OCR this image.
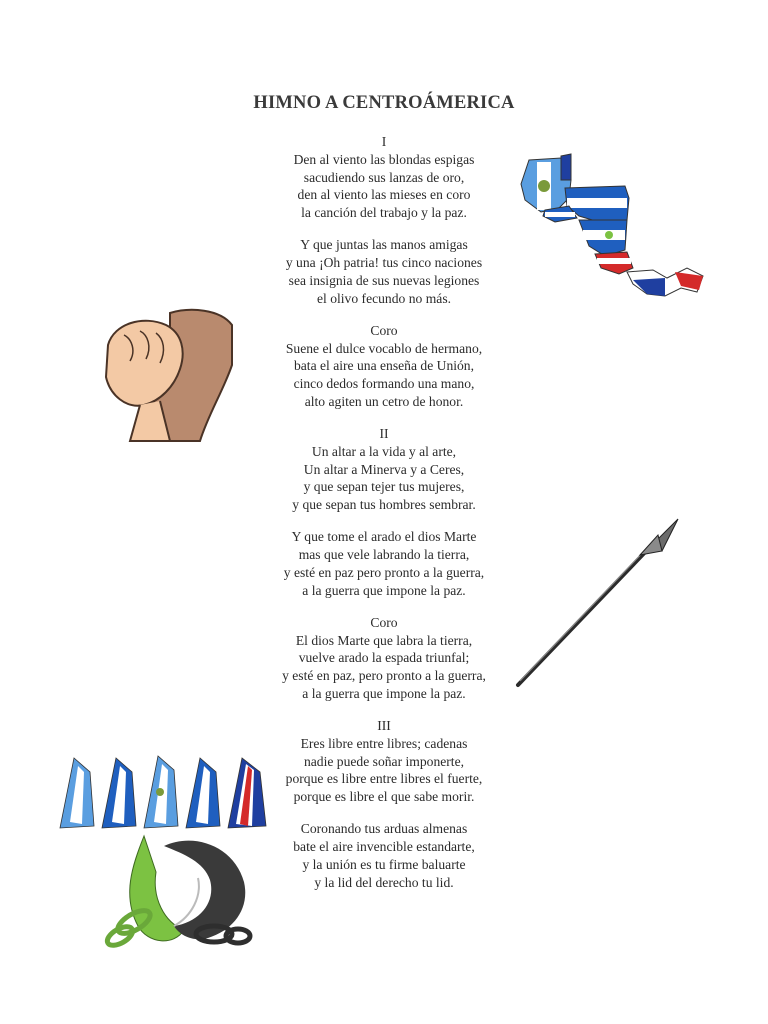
HIMNO A CENTROÁMERICA
I
Den al viento las blondas espigas
sacudiendo sus lanzas de oro,
den al viento las mieses en coro
la canción del trabajo y la paz.
Y que juntas las manos amigas
y una ¡Oh patria! tus cinco naciones
sea insignia de sus nuevas legiones
el olivo fecundo no más.
Coro
Suene el dulce vocablo de hermano,
bata el aire una enseña de Unión,
cinco dedos formando una mano,
alto agiten un cetro de honor.
II
Un altar a la vida y al arte,
Un altar a Minerva y a Ceres,
y que sepan tejer tus mujeres,
y que sepan tus hombres sembrar.
Y que tome el arado el dios Marte
mas que vele labrando la tierra,
y esté en paz pero pronto a la guerra,
a la guerra que impone la paz.
Coro
El dios Marte que labra la tierra,
vuelve arado la espada triunfal;
y esté en paz, pero pronto a la guerra,
a la guerra que impone la paz.
III
Eres libre entre libres; cadenas
nadie puede soñar imponerte,
porque es libre entre libres el fuerte,
porque es libre el que sabe morir.
Coronando tus arduas almenas
bate el aire invencible estandarte,
y la unión es tu firme baluarte
y la lid del derecho tu lid.
